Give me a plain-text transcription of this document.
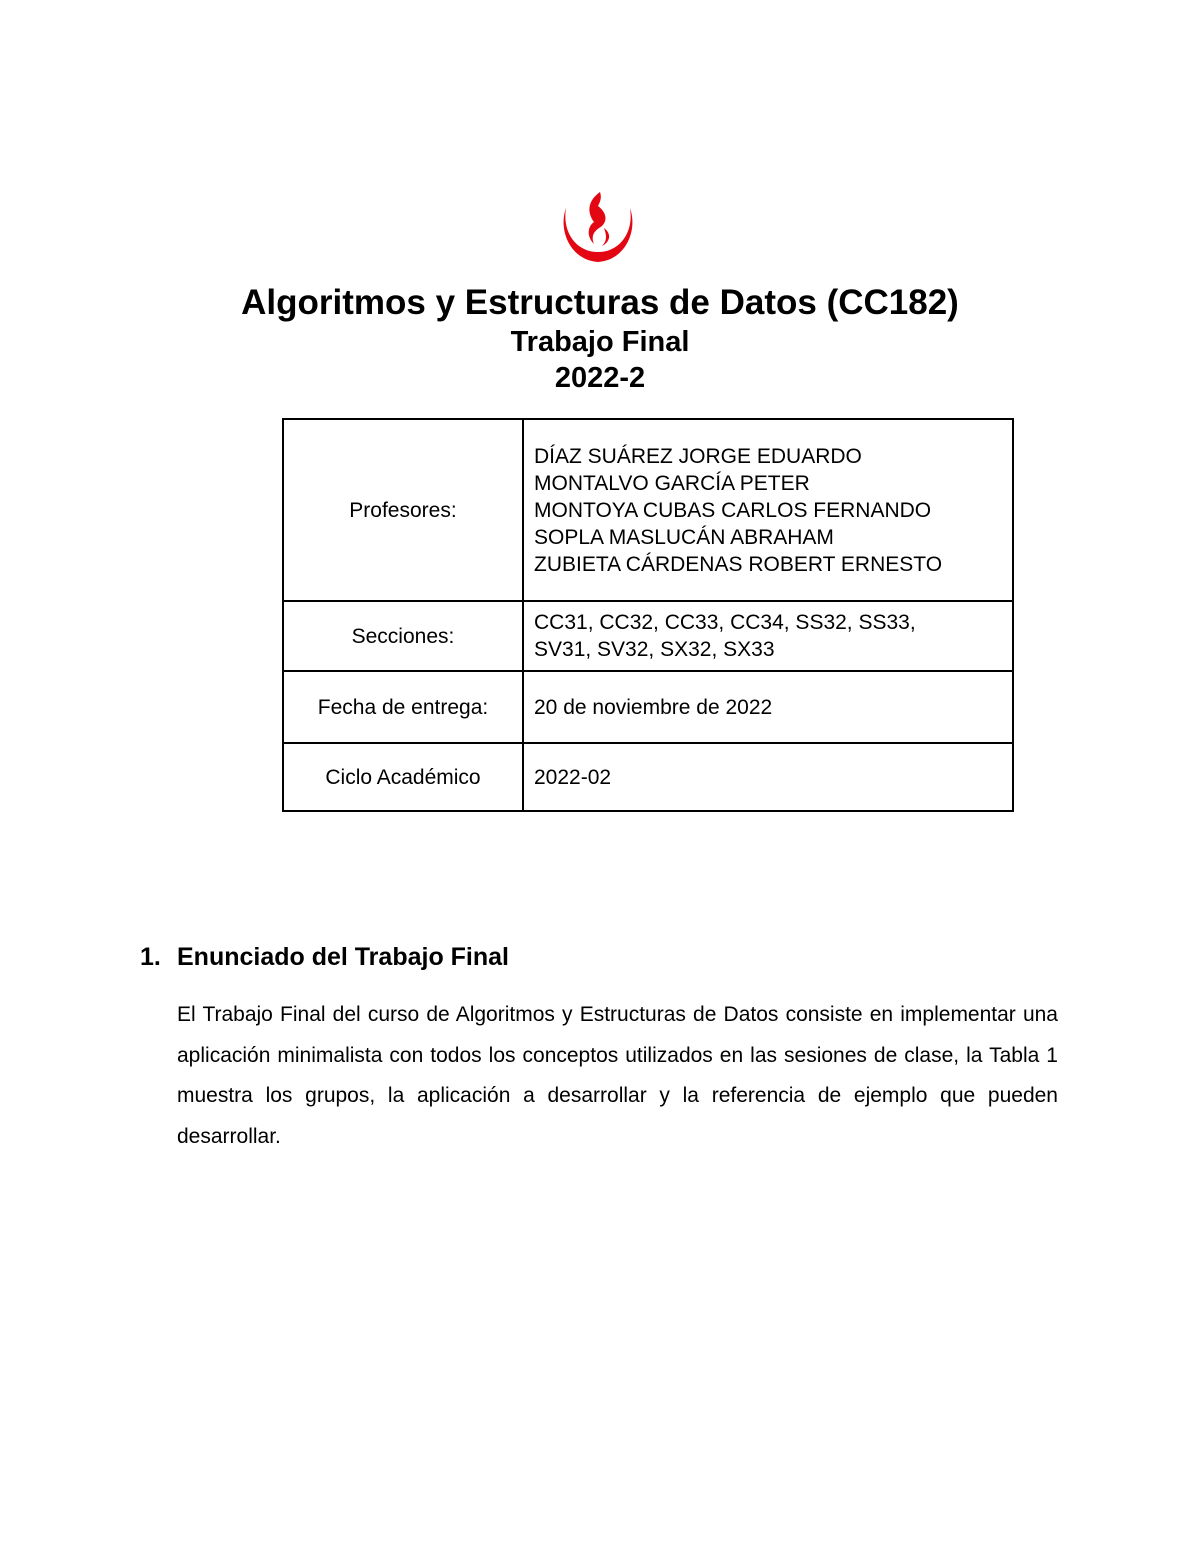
Algoritmos y Estructuras de Datos (CC182)
Trabajo Final
2022-2
Profesores:	DÍAZ SUÁREZ JORGE EDUARDO
MONTALVO GARCÍA PETER
MONTOYA CUBAS CARLOS FERNANDO
SOPLA MASLUCÁN ABRAHAM
ZUBIETA CÁRDENAS ROBERT ERNESTO

Secciones:	CC31, CC32, CC33, CC34, SS32, SS33,
SV31, SV32, SX32, SX33

Fecha de entrega:	20 de noviembre de 2022

Ciclo Académico	2022-02
1. Enunciado del Trabajo Final

El Trabajo Final del curso de Algoritmos y Estructuras de Datos consiste en implementar una aplicación minimalista con todos los conceptos utilizados en las sesiones de clase, la Tabla 1 muestra los grupos, la aplicación a desarrollar y la referencia de ejemplo que pueden desarrollar.
